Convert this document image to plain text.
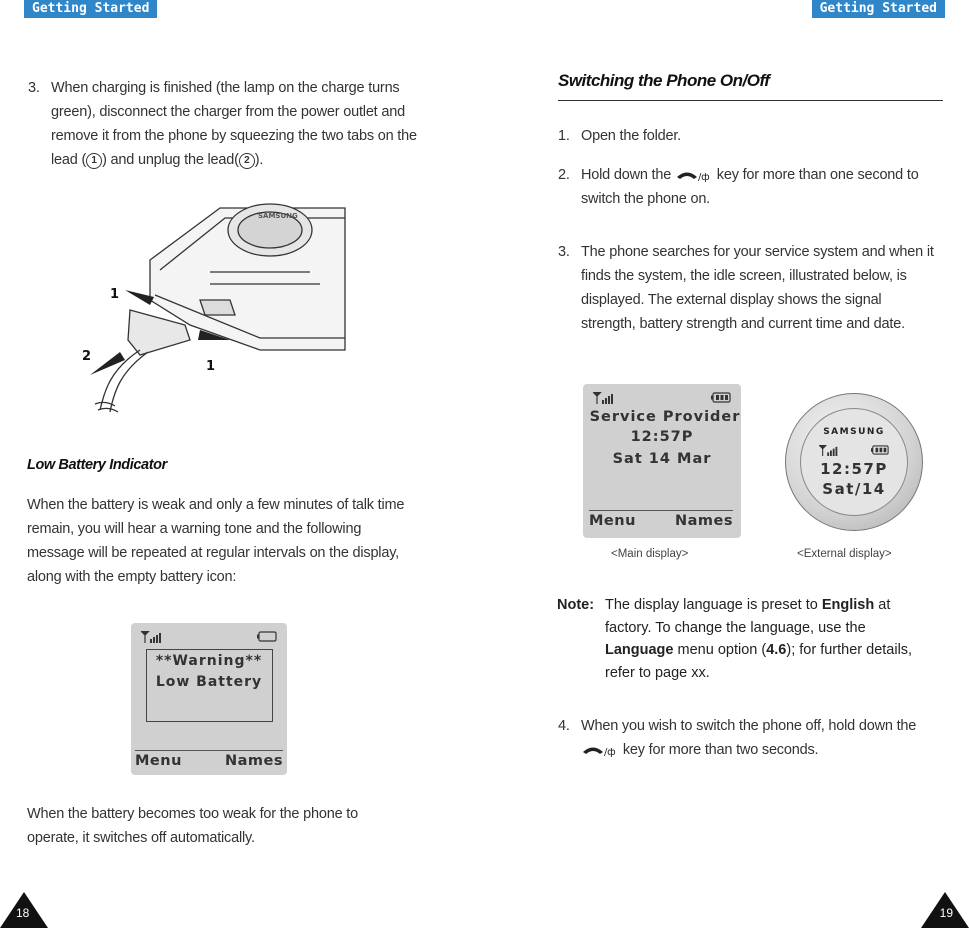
Getting Started	Getting Started
3. When charging is finished (the lamp on the charge turns green), disconnect the charger from the power outlet and remove it from the phone by squeezing the two tabs on the lead ( 1 ) and unplug the lead( 2 ).
SAMSUNG
1
2
1
Low Battery Indicator
When the battery is weak and only a few minutes of talk time remain, you will hear a warning tone and the following message will be repeated at regular intervals on the display, along with the empty battery icon:
**Warning**
Low Battery
Menu	Names
When the battery becomes too weak for the phone to operate, it switches off automatically.
18
Switching the Phone On/Off
1. Open the folder.
2. Hold down the	/ф key for more than one second to switch the phone on.
3. The phone searches for your service system and when it finds the system, the idle screen, illustrated below, is displayed. The external display shows the signal strength, battery strength and current time and date.
Service Provider
12:57P
Sat 14 Mar
Menu	Names
SAMSUNG
12:57P
Sat/14
<Main display>	<External display>
Note: The display language is preset to English at factory. To change the language, use the Language menu option (4.6); for further details, refer to page xx.
4. When you wish to switch the phone off, hold down the
/ф key for more than two seconds.
19
